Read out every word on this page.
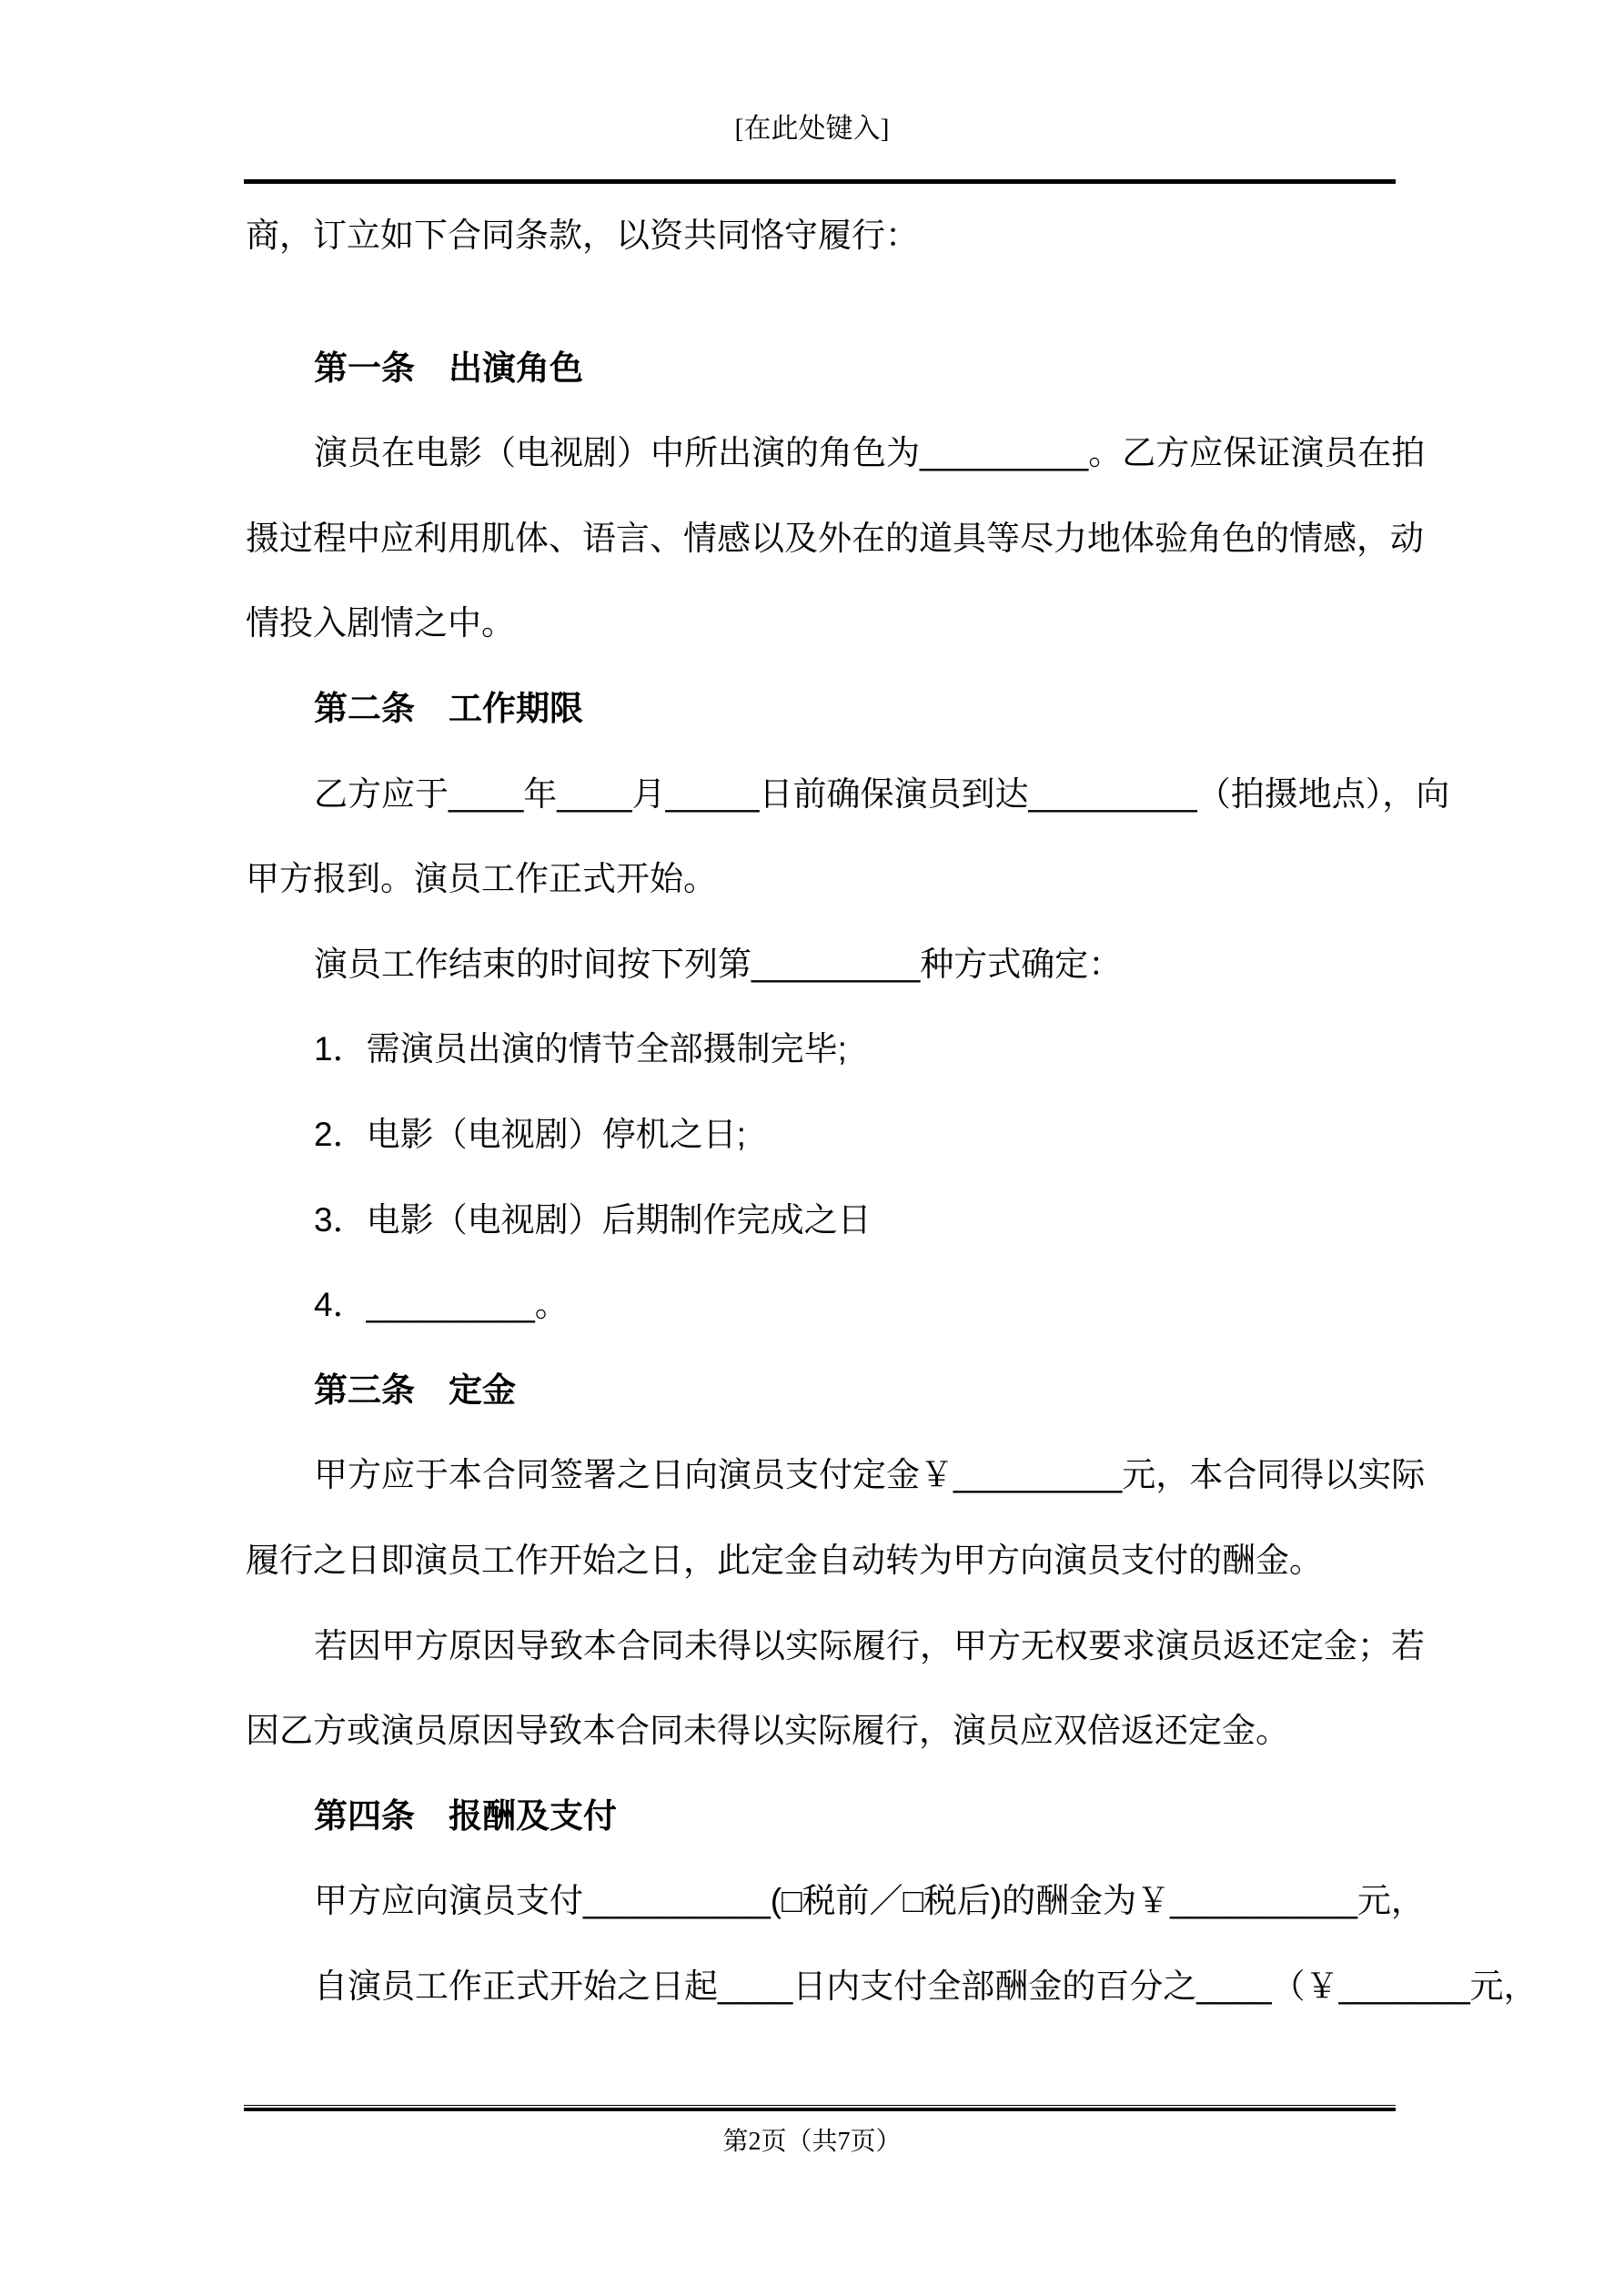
[在此处键入]
商，订立如下合同条款，以资共同恪守履行：
第一条　出演角色
演员在电影（电视剧）中所出演的角色为_________。乙方应保证演员在拍
摄过程中应利用肌体、语言、情感以及外在的道具等尽力地体验角色的情感，动
情投入剧情之中。
第二条　工作期限
乙方应于____年____月_____日前确保演员到达_________（拍摄地点），向
甲方报到。演员工作正式开始。
演员工作结束的时间按下列第_________种方式确定：
1．需演员出演的情节全部摄制完毕;
2．电影（电视剧）停机之日;
3．电影（电视剧）后期制作完成之日
4．_________。
第三条　定金
甲方应于本合同签署之日向演员支付定金￥_________元，本合同得以实际
履行之日即演员工作开始之日，此定金自动转为甲方向演员支付的酬金。
若因甲方原因导致本合同未得以实际履行，甲方无权要求演员返还定金；若
因乙方或演员原因导致本合同未得以实际履行，演员应双倍返还定金。
第四条　报酬及支付
甲方应向演员支付__________(□税前／□税后)的酬金为￥__________元，
自演员工作正式开始之日起____日内支付全部酬金的百分之____（￥_______元，
第2页（共7页）
